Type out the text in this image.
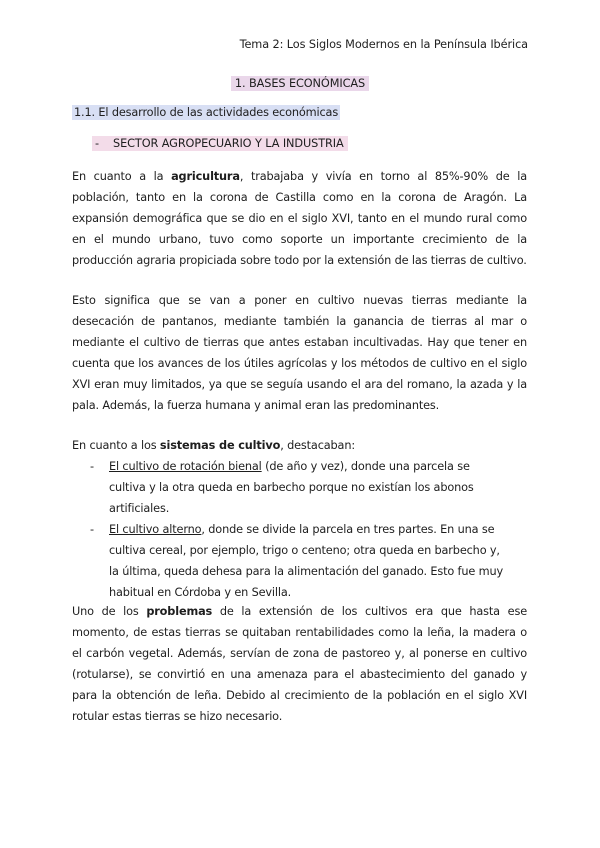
Tema 2: Los Siglos Modernos en la Península Ibérica
1. BASES ECONÓMICAS
1.1. El desarrollo de las actividades económicas
- SECTOR AGROPECUARIO Y LA INDUSTRIA

En cuanto a la agricultura, trabajaba y vivía en torno al 85%-90% de la población, tanto en la corona de Castilla como en la corona de Aragón. La expansión demográfica que se dio en el siglo XVI, tanto en el mundo rural como en el mundo urbano, tuvo como soporte un importante crecimiento de la producción agraria propiciada sobre todo por la extensión de las tierras de cultivo.

Esto significa que se van a poner en cultivo nuevas tierras mediante la desecación de pantanos, mediante también la ganancia de tierras al mar o mediante el cultivo de tierras que antes estaban incultivadas. Hay que tener en cuenta que los avances de los útiles agrícolas y los métodos de cultivo en el siglo XVI eran muy limitados, ya que se seguía usando el ara del romano, la azada y la pala. Además, la fuerza humana y animal eran las predominantes.

En cuanto a los sistemas de cultivo, destacaban:

- El cultivo de rotación bienal (de año y vez), donde una parcela se cultiva y la otra queda en barbecho porque no existían los abonos artificiales.
- El cultivo alterno, donde se divide la parcela en tres partes. En una se cultiva cereal, por ejemplo, trigo o centeno; otra queda en barbecho y, la última, queda dehesa para la alimentación del ganado. Esto fue muy habitual en Córdoba y en Sevilla.

Uno de los problemas de la extensión de los cultivos era que hasta ese momento, de estas tierras se quitaban rentabilidades como la leña, la madera o el carbón vegetal. Además, servían de zona de pastoreo y, al ponerse en cultivo (rotularse), se convirtió en una amenaza para el abastecimiento del ganado y para la obtención de leña. Debido al crecimiento de la población en el siglo XVI rotular estas tierras se hizo necesario.
